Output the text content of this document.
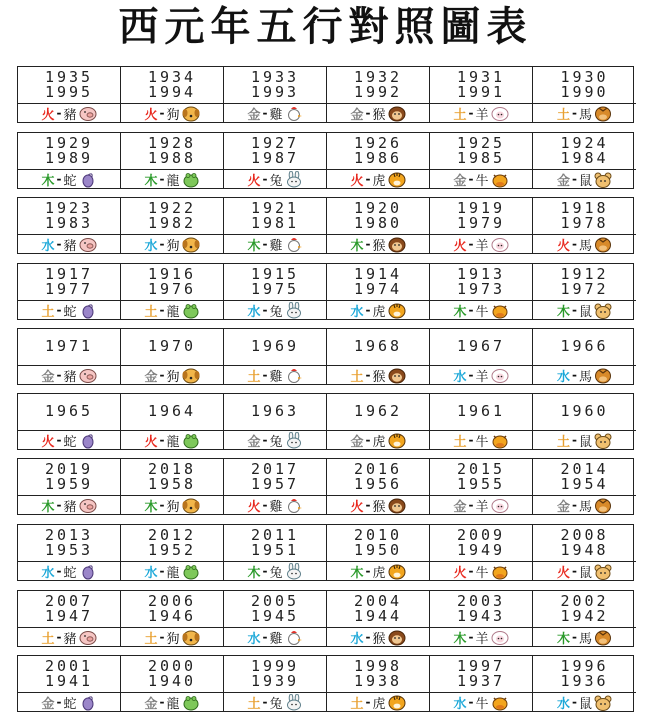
西元年五行對照圖表
1935
1995
火 - 豬
1934
1994
火 - 狗
1933
1993
金 - 雞
1932
1992
金 - 猴
1931
1991
土 - 羊
1930
1990
土 - 馬
1929
1989
木 - 蛇
1928
1988
木 - 龍
1927
1987
火 - 兔
1926
1986
火 - 虎
1925
1985
金 - 牛
1924
1984
金 - 鼠
1923
1983
水 - 豬
1922
1982
水 - 狗
1921
1981
木 - 雞
1920
1980
木 - 猴
1919
1979
火 - 羊
1918
1978
火 - 馬
1917
1977
土 - 蛇
1916
1976
土 - 龍
1915
1975
水 - 兔
1914
1974
水 - 虎
1913
1973
木 - 牛
1912
1972
木 - 鼠
1971
金 - 豬
1970
金 - 狗
1969
土 - 雞
1968
土 - 猴
1967
水 - 羊
1966
水 - 馬
1965
火 - 蛇
1964
火 - 龍
1963
金 - 兔
1962
金 - 虎
1961
土 - 牛
1960
土 - 鼠
2019
1959
木 - 豬
2018
1958
木 - 狗
2017
1957
火 - 雞
2016
1956
火 - 猴
2015
1955
金 - 羊
2014
1954
金 - 馬
2013
1953
水 - 蛇
2012
1952
水 - 龍
2011
1951
木 - 兔
2010
1950
木 - 虎
2009
1949
火 - 牛
2008
1948
火 - 鼠
2007
1947
土 - 豬
2006
1946
土 - 狗
2005
1945
水 - 雞
2004
1944
水 - 猴
2003
1943
木 - 羊
2002
1942
木 - 馬
2001
1941
金 - 蛇
2000
1940
金 - 龍
1999
1939
土 - 兔
1998
1938
土 - 虎
1997
1937
水 - 牛
1996
1936
水 - 鼠
